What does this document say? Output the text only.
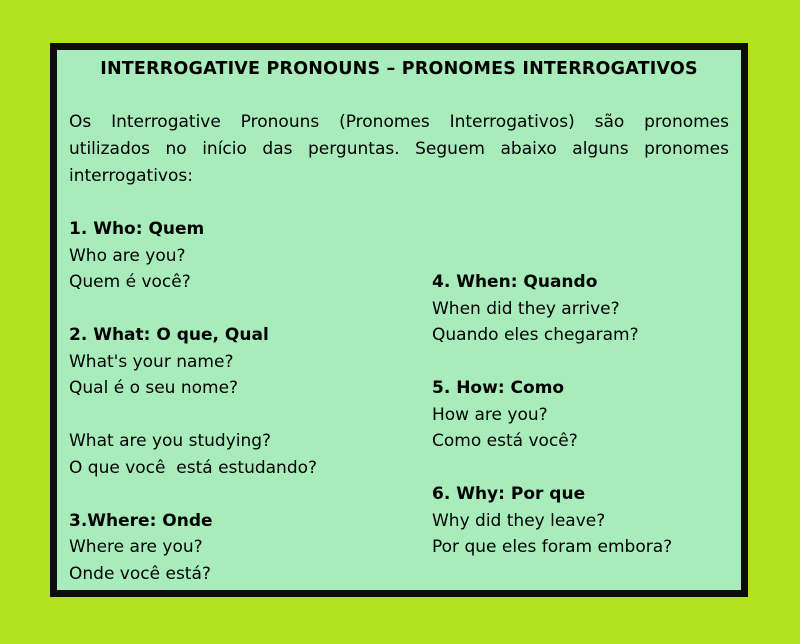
INTERROGATIVE PRONOUNS – PRONOMES INTERROGATIVOS
Os Interrogative Pronouns (Pronomes Interrogativos) são pronomes
utilizados no início das perguntas. Seguem abaixo alguns pronomes
interrogativos:
1. Who: Quem
Who are you?
Quem é você?
2. What: O que, Qual
What's your name?
Qual é o seu nome?
What are you studying?
O que você  está estudando?
3.Where: Onde
Where are you?
Onde você está?
4. When: Quando
When did they arrive?
Quando eles chegaram?
5. How: Como
How are you?
Como está você?
6. Why: Por que
Why did they leave?
Por que eles foram embora?
